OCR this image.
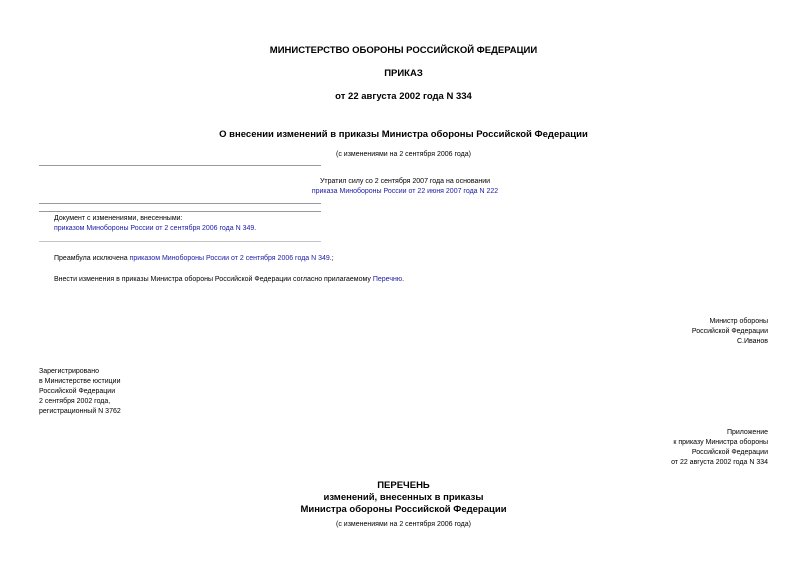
МИНИСТЕРСТВО ОБОРОНЫ РОССИЙСКОЙ ФЕДЕРАЦИИ
ПРИКАЗ
от 22 августа 2002 года N 334
О внесении изменений в приказы Министра обороны Российской Федерации
(с изменениями на 2 сентября 2006 года)
Утратил силу со 2 сентября 2007 года на основании
приказа Минобороны России от 22 июня 2007 года N 222
Документ с изменениями, внесенными:
приказом Минобороны России от 2 сентября 2006 года N 349.
Преамбула исключена приказом Минобороны России от 2 сентября 2006 года N 349.;
Внести изменения в приказы Министра обороны Российской Федерации согласно прилагаемому Перечню.
Министр обороны
Российской Федерации
С.Иванов
Зарегистрировано
в Министерстве юстиции
Российской Федерации
2 сентября 2002 года,
регистрационный N 3762
Приложение
к приказу Министра обороны
Российской Федерации
от 22 августа 2002 года N 334
ПЕРЕЧЕНЬ
изменений, внесенных в приказы
Министра обороны Российской Федерации
(с изменениями на 2 сентября 2006 года)
